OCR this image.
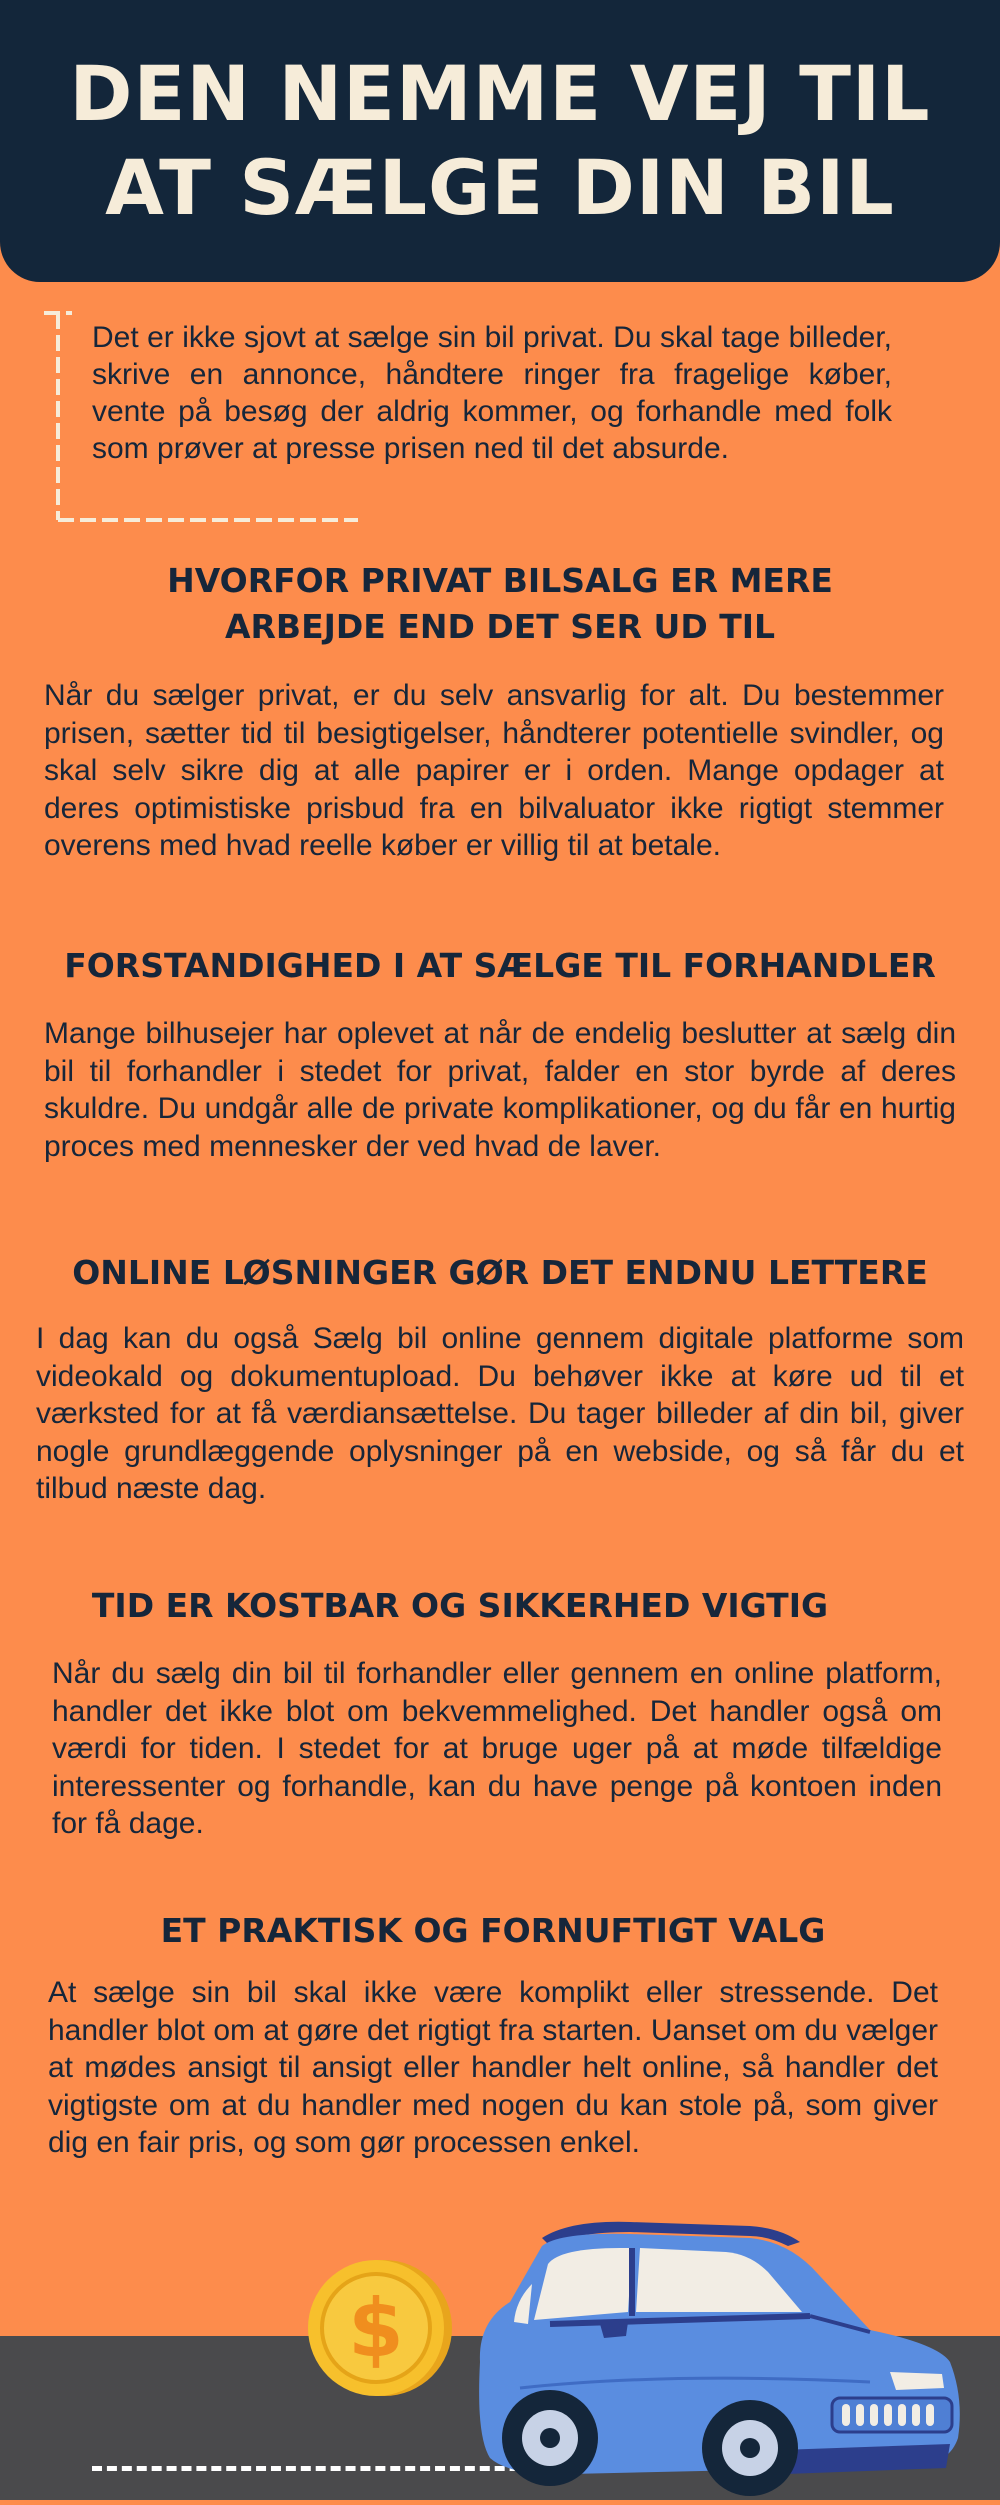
DEN NEMME VEJ TIL AT SÆLGE DIN BIL

Det er ikke sjovt at sælge sin bil privat. Du skal tage billeder, skrive en annonce, håndtere ringer fra fragelige køber, vente på besøg der aldrig kommer, og forhandle med folk som prøver at presse prisen ned til det absurde.

HVORFOR PRIVAT BILSALG ER MERE ARBEJDE END DET SER UD TIL

Når du sælger privat, er du selv ansvarlig for alt. Du bestemmer prisen, sætter tid til besigtigelser, håndterer potentielle svindler, og skal selv sikre dig at alle papirer er i orden. Mange opdager at deres optimistiske prisbud fra en bilvaluator ikke rigtigt stemmer overens med hvad reelle køber er villig til at betale.

FORSTANDIGHED I AT SÆLGE TIL FORHANDLER

Mange bilhusejer har oplevet at når de endelig beslutter at sælg din bil til forhandler i stedet for privat, falder en stor byrde af deres skuldre. Du undgår alle de private komplikationer, og du får en hurtig proces med mennesker der ved hvad de laver.

ONLINE LØSNINGER GØR DET ENDNU LETTERE

I dag kan du også Sælg bil online gennem digitale platforme som videokald og dokumentupload. Du behøver ikke at køre ud til et værksted for at få værdiansættelse. Du tager billeder af din bil, giver nogle grundlæggende oplysninger på en webside, og så får du et tilbud næste dag.

TID ER KOSTBAR OG SIKKERHED VIGTIG

Når du sælg din bil til forhandler eller gennem en online platform, handler det ikke blot om bekvemmelighed. Det handler også om værdi for tiden. I stedet for at bruge uger på at møde tilfældige interessenter og forhandle, kan du have penge på kontoen inden for få dage.

ET PRAKTISK OG FORNUFTIGT VALG

At sælge sin bil skal ikke være komplikt eller stressende. Det handler blot om at gøre det rigtigt fra starten. Uanset om du vælger at mødes ansigt til ansigt eller handler helt online, så handler det vigtigste om at du handler med nogen du kan stole på, som giver dig en fair pris, og som gør processen enkel.

$
